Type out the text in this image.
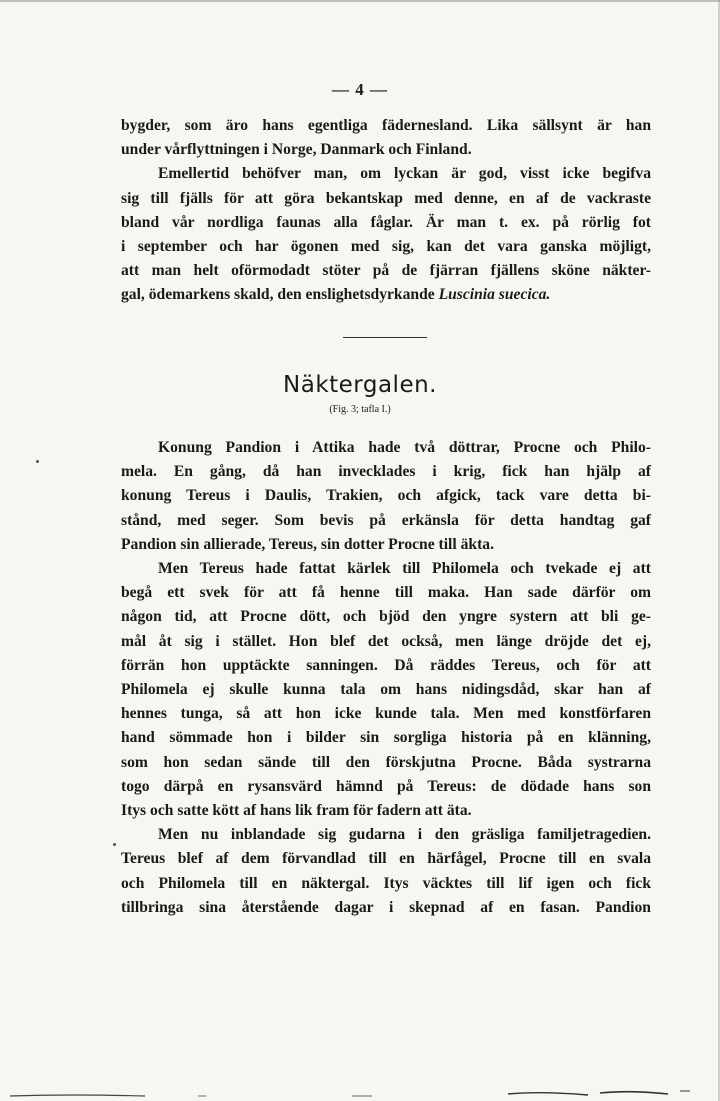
— 4 —

bygder, som äro hans egentliga fädernesland. Lika sällsynt är han

under vårflyttningen i Norge, Danmark och Finland.

Emellertid behöfver man, om lyckan är god, visst icke begifva

sig till fjälls för att göra bekantskap med denne, en af de vackraste

bland vår nordliga faunas alla fåglar. Är man t. ex. på rörlig fot

i september och har ögonen med sig, kan det vara ganska möjligt,

att man helt oförmodadt stöter på de fjärran fjällens sköne näkter-

gal, ödemarkens skald, den enslighetsdyrkande Luscinia suecica.

Näktergalen.
(Fig. 3; tafla I.)

Konung Pandion i Attika hade två döttrar, Procne och Philo-

mela. En gång, då han invecklades i krig, fick han hjälp af

konung Tereus i Daulis, Trakien, och afgick, tack vare detta bi-

stånd, med seger. Som bevis på erkänsla för detta handtag gaf

Pandion sin allierade, Tereus, sin dotter Procne till äkta.

Men Tereus hade fattat kärlek till Philomela och tvekade ej att

begå ett svek för att få henne till maka. Han sade därför om

någon tid, att Procne dött, och bjöd den yngre systern att bli ge-

mål åt sig i stället. Hon blef det också, men länge dröjde det ej,

förrän hon upptäckte sanningen. Då räddes Tereus, och för att

Philomela ej skulle kunna tala om hans nidingsdåd, skar han af

hennes tunga, så att hon icke kunde tala. Men med konstförfaren

hand sömmade hon i bilder sin sorgliga historia på en klänning,

som hon sedan sände till den förskjutna Procne. Båda systrarna

togo därpå en rysansvärd hämnd på Tereus: de dödade hans son

Itys och satte kött af hans lik fram för fadern att äta.

Men nu inblandade sig gudarna i den gräsliga familjetragedien.

Tereus blef af dem förvandlad till en härfågel, Procne till en svala

och Philomela till en näktergal. Itys väcktes till lif igen och fick

tillbringa sina återstående dagar i skepnad af en fasan. Pandion
